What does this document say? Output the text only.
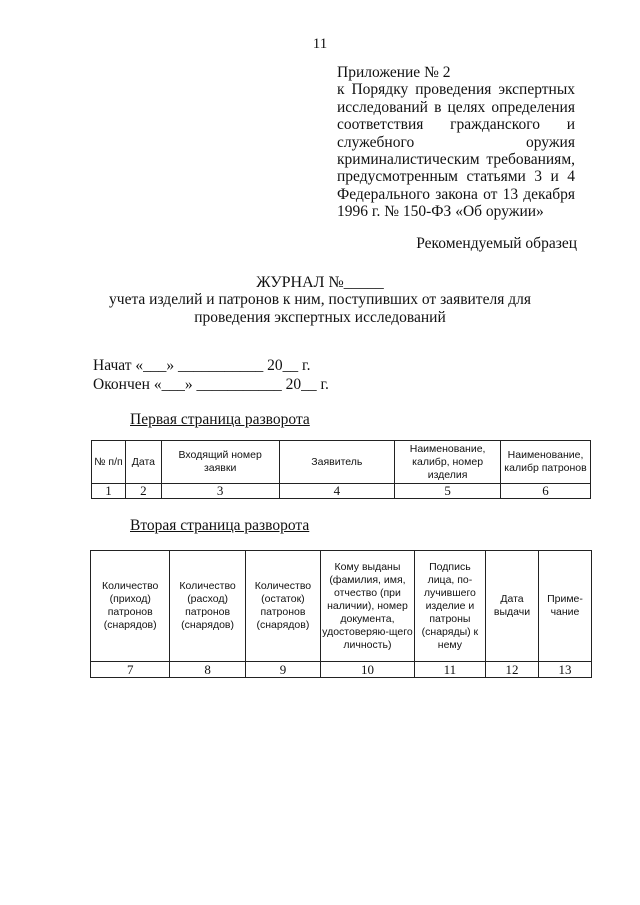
11
Приложение № 2
к Порядку проведения экспертных
исследований в целях определения
соответствия гражданского и
служебного оружия
криминалистическим требованиям,
предусмотренным статьями 3 и 4
Федерального закона от 13 декабря
1996 г. № 150-ФЗ «Об оружии»
Рекомендуемый образец
ЖУРНАЛ №_____
учета изделий и патронов к ним, поступивших от заявителя для
проведения экспертных исследований
Начат «___» ___________ 20__ г.
Окончен «___» ___________ 20__ г.
Первая страница разворота
№ п/п	Дата	Входящий номер заявки	Заявитель	Наименование, калибр, номер изделия	Наименование, калибр патронов
1	2	3	4	5	6
Вторая страница разворота
Количество (приход) патронов (снарядов)	Количество (расход) патронов (снарядов)	Количество (остаток) патронов (снарядов)	Кому выданы (фамилия, имя, отчество (при наличии), номер документа, удостоверяю-щего личность)	Подпись лица, по-лучившего изделие и патроны (снаряды) к нему	Дата выдачи	Приме-чание
7	8	9	10	11	12	13
